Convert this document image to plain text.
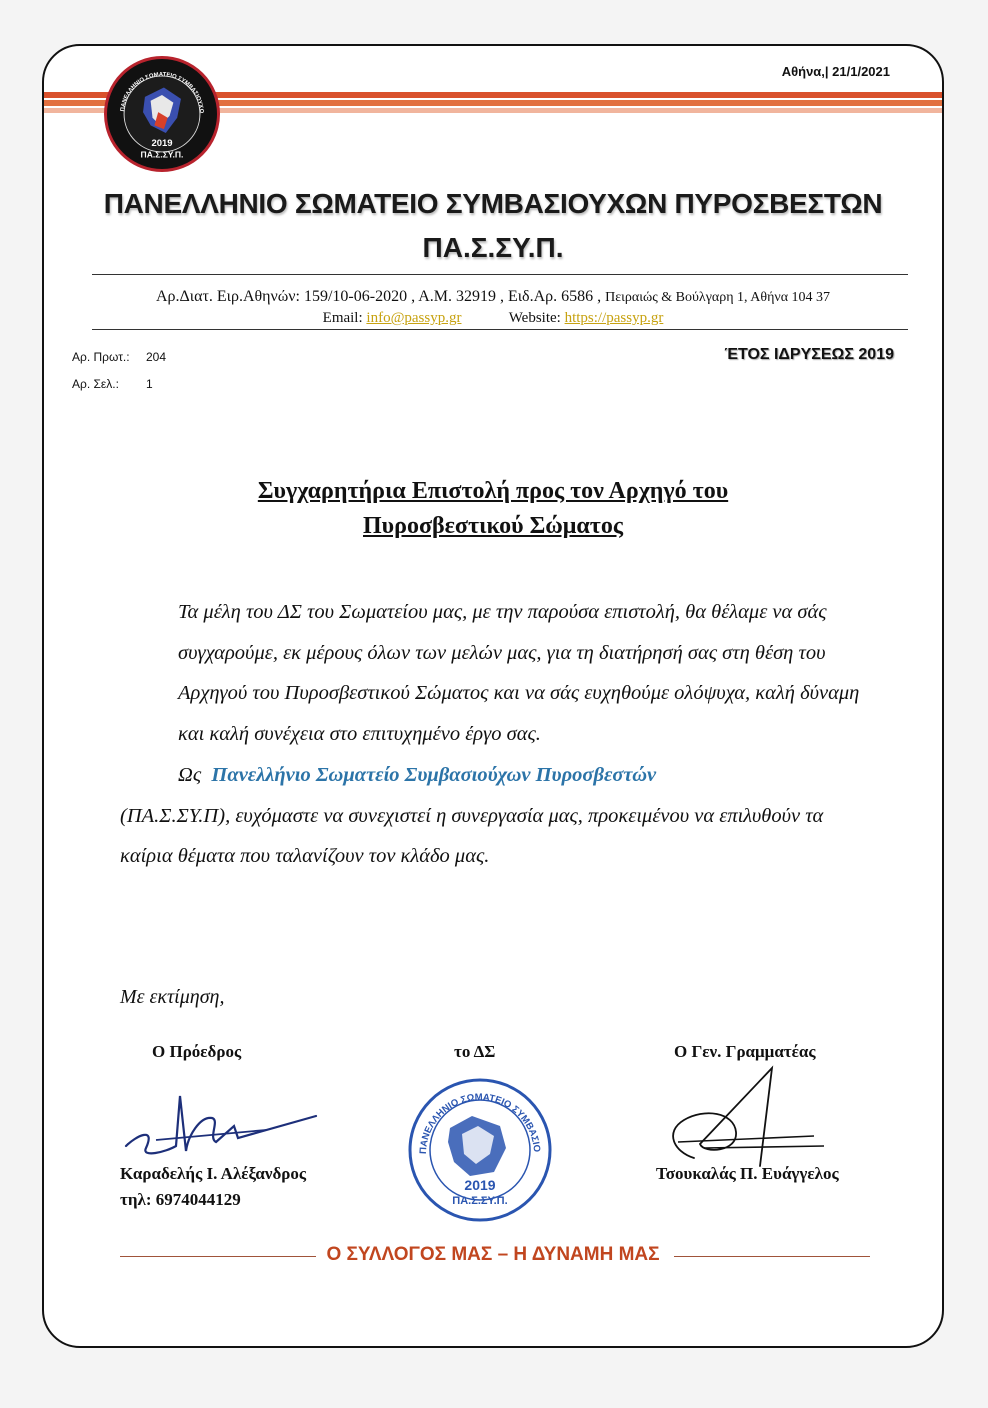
ΠΑΝΕΛΛΗΝΙΟ ΣΩΜΑΤΕΙΟ ΣΥΜΒΑΣΙΟΥΧΩ
2019
ΠΑ.Σ.ΣΥ.Π.
Αθήνα,| 21/1/2021
ΠΑΝΕΛΛΗΝΙΟ ΣΩΜΑΤΕΙΟ ΣΥΜΒΑΣΙΟΥΧΩΝ ΠΥΡΟΣΒΕΣΤΩΝ
ΠΑ.Σ.ΣΥ.Π.
Αρ.Διατ. Ειρ.Αθηνών: 159/10-06-2020 , Α.Μ. 32919 , Ειδ.Αρ. 6586 , Πειραιώς & Βούλγαρη 1, Αθήνα 104 37
Email: info@passyp.gr	Website: https://passyp.gr
Αρ. Πρωτ.: 204
Αρ. Σελ.: 1
ΈΤΟΣ ΙΔΡΥΣΕΩΣ 2019
Συγχαρητήρια Επιστολή προς τον Αρχηγό του
Πυροσβεστικού Σώματος

Τα μέλη του ΔΣ του Σωματείου μας, με την παρούσα επιστολή, θα θέλαμε να σάς συγχαρούμε, εκ μέρους όλων των μελών μας, για τη διατήρησή σας στη θέση του Αρχηγού του Πυροσβεστικού Σώματος και να σάς ευχηθούμε ολόψυχα, καλή δύναμη και καλή συνέχεια στο επιτυχημένο έργο σας.

Ως Πανελλήνιο Σωματείο Συμβασιούχων Πυροσβεστών

(ΠΑ.Σ.ΣΥ.Π), ευχόμαστε να συνεχιστεί η συνεργασία μας, προκειμένου να επιλυθούν τα καίρια θέματα που ταλανίζουν τον κλάδο μας.

Με εκτίμηση,
Ο Πρόεδρος	το ΔΣ	Ο Γεν. Γραμματέας
Καραδελής Ι. Αλέξανδρος
τηλ: 6974044129
ΠΑΝΕΛΛΗΝΙΟ ΣΩΜΑΤΕΙΟ ΣΥΜΒΑΣΙΟ
2019
ΠΑ.Σ.ΣΥ.Π.
Τσουκαλάς Π. Ευάγγελος
Ο ΣΥΛΛΟΓΟΣ ΜΑΣ – Η ΔΥΝΑΜΗ ΜΑΣ
